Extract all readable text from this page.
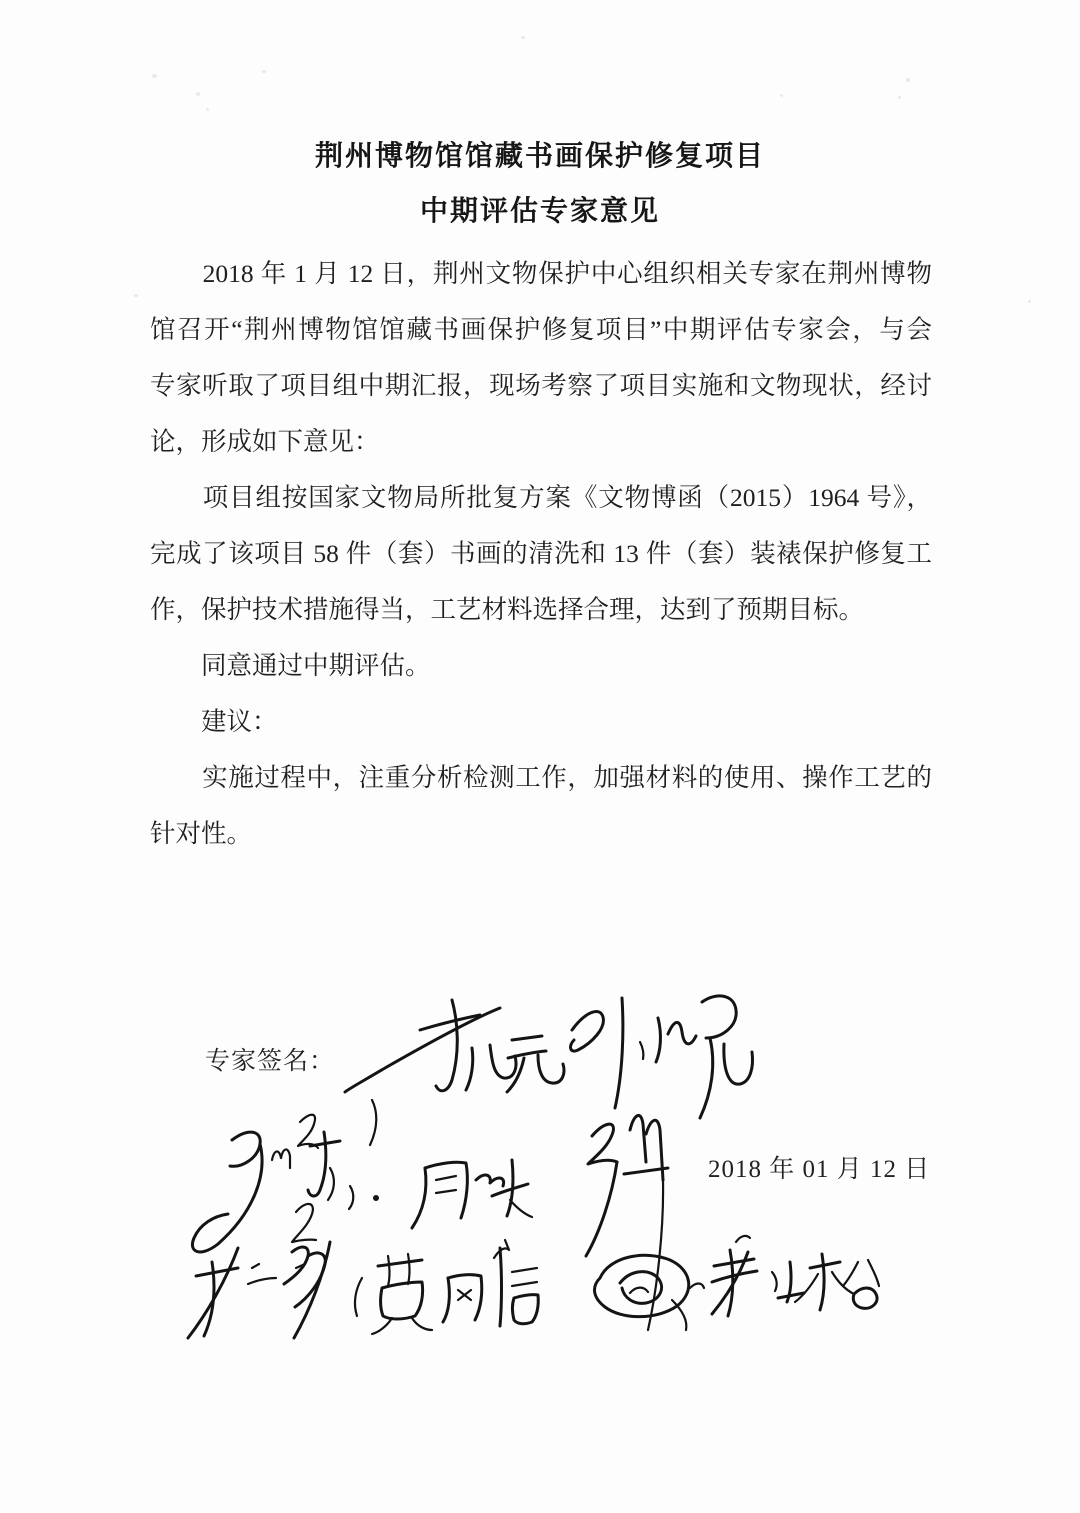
荆州博物馆馆藏书画保护修复项目
中期评估专家意见
　　2018 年 1 月 12 日，荆州文物保护中心组织相关专家在荆州博物
馆召开“荆州博物馆馆藏书画保护修复项目”中期评估专家会，与会
专家听取了项目组中期汇报，现场考察了项目实施和文物现状，经讨
论，形成如下意见：
　　项目组按国家文物局所批复方案《文物博函（2015）1964 号》，
完成了该项目 58 件（套）书画的清洗和 13 件（套）装裱保护修复工
作，保护技术措施得当，工艺材料选择合理，达到了预期目标。
　　同意通过中期评估。
　　建议：
　　实施过程中，注重分析检测工作，加强材料的使用、操作工艺的
针对性。
专家签名：
2018 年 01 月 12 日
